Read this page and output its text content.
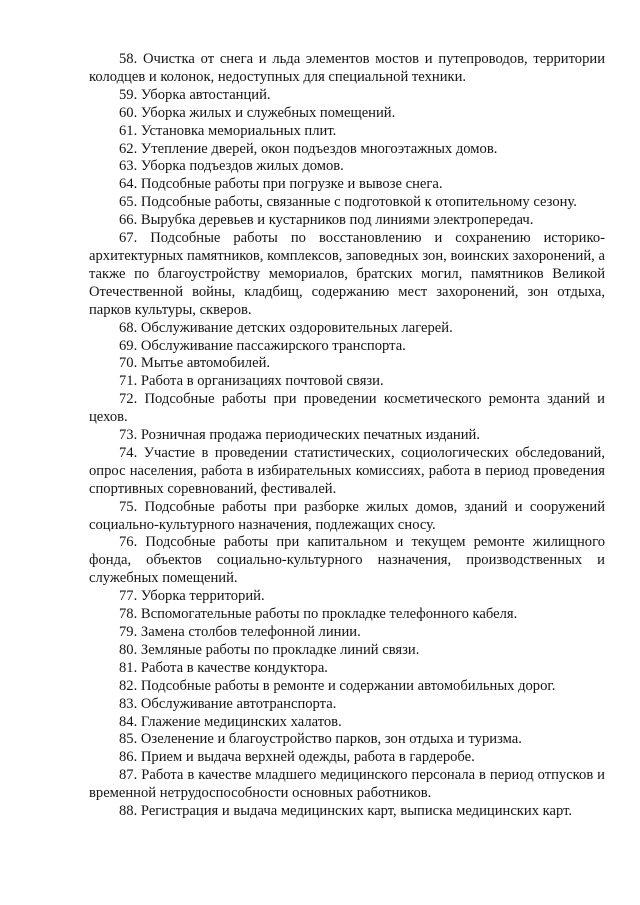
58. Очистка от снега и льда элементов мостов и путепроводов, территории колодцев и колонок, недоступных для специальной техники.

59. Уборка автостанций.

60. Уборка жилых и служебных помещений.

61. Установка мемориальных плит.

62. Утепление дверей, окон подъездов многоэтажных домов.

63. Уборка подъездов жилых домов.

64. Подсобные работы при погрузке и вывозе снега.

65. Подсобные работы, связанные с подготовкой к отопительному сезону.

66. Вырубка деревьев и кустарников под линиями электропередач.

67. Подсобные работы по восстановлению и сохранению историко-архитектурных памятников, комплексов, заповедных зон, воинских захоронений, а также по благоустройству мемориалов, братских могил, памятников Великой Отечественной войны, кладбищ, содержанию мест захоронений, зон отдыха, парков культуры, скверов.

68. Обслуживание детских оздоровительных лагерей.

69. Обслуживание пассажирского транспорта.

70. Мытье автомобилей.

71. Работа в организациях почтовой связи.

72. Подсобные работы при проведении косметического ремонта зданий и цехов.

73. Розничная продажа периодических печатных изданий.

74. Участие в проведении статистических, социологических обследований, опрос населения, работа в избирательных комиссиях, работа в период проведения спортивных соревнований, фестивалей.

75. Подсобные работы при разборке жилых домов, зданий и сооружений социально-культурного назначения, подлежащих сносу.

76. Подсобные работы при капитальном и текущем ремонте жилищного фонда, объектов социально-культурного назначения, производственных и служебных помещений.

77. Уборка территорий.

78. Вспомогательные работы по прокладке телефонного кабеля.

79. Замена столбов телефонной линии.

80. Земляные работы по прокладке линий связи.

81. Работа в качестве кондуктора.

82. Подсобные работы в ремонте и содержании автомобильных дорог.

83. Обслуживание автотранспорта.

84. Глажение медицинских халатов.

85. Озеленение и благоустройство парков, зон отдыха и туризма.

86. Прием и выдача верхней одежды, работа в гардеробе.

87. Работа в качестве младшего медицинского персонала в период отпусков и временной нетрудоспособности основных работников.

88. Регистрация и выдача медицинских карт, выписка медицинских карт.
